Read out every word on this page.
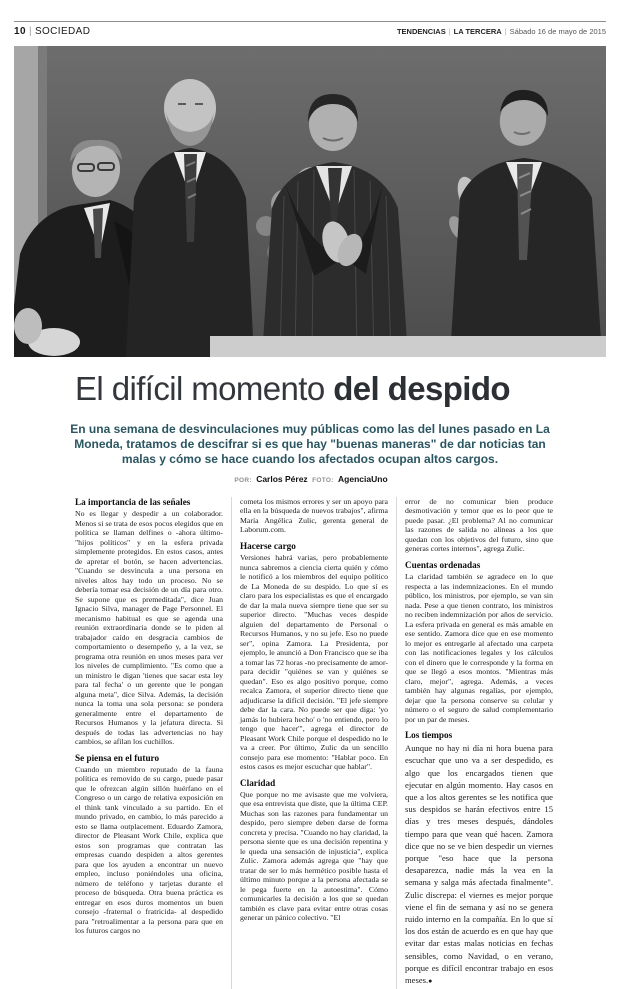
10 | SOCIEDAD	TENDENCIAS | LA TERCERA | Sábado 16 de mayo de 2015
El difícil momento del despido

En una semana de desvinculaciones muy públicas como las del lunes pasado en La Moneda, tratamos de descifrar si es que hay "buenas maneras" de dar noticias tan malas y cómo se hace cuando los afectados ocupan altos cargos.

POR: Carlos Pérez FOTO: AgenciaUno

La importancia de las señales

No es llegar y despedir a un colaborador. Menos si se trata de esos pocos elegidos que en política se llaman delfines o -ahora último- "hijos políticos" y en la esfera privada simplemente protegidos. En estos casos, antes de apretar el botón, se hacen advertencias. "Cuando se desvincula a una persona en niveles altos hay todo un proceso. No se debería tomar esa decisión de un día para otro. Se supone que es premeditada", dice Juan Ignacio Silva, manager de Page Personnel. El mecanismo habitual es que se agenda una reunión extraordinaria donde se le piden al trabajador caído en desgracia cambios de comportamiento o desempeño y, a la vez, se programa otra reunión en unos meses para ver los niveles de cumplimiento. "Es como que a un ministro le digan 'tienes que sacar esta ley para tal fecha' o un gerente que le pongan alguna meta", dice Silva. Además, la decisión nunca la toma una sola persona: se pondera generalmente entre el departamento de Recursos Humanos y la jefatura directa. Si después de todas las advertencias no hay cambios, se afilan los cuchillos.

Se piensa en el futuro

Cuando un miembro reputado de la fauna política es removido de su cargo, puede pasar que le ofrezcan algún sillón huérfano en el Congreso o un cargo de relativa exposición en el think tank vinculado a su partido. En el mundo privado, en cambio, lo más parecido a esto se llama outplacement. Eduardo Zamora, director de Pleasant Work Chile, explica que estos son programas que contratan las empresas cuando despiden a altos gerentes para que los ayuden a encontrar un nuevo empleo, incluso poniéndoles una oficina, número de teléfono y tarjetas durante el proceso de búsqueda. Otra buena práctica es entregar en esos duros momentos un buen consejo -fraternal o fratricida- al despedido para "retroalimentar a la persona para que en los futuros cargos no

cometa los mismos errores y ser un apoyo para ella en la búsqueda de nuevos trabajos", afirma María Angélica Zulic, gerenta general de Laborum.com.

Hacerse cargo

Versiones habrá varias, pero probablemente nunca sabremos a ciencia cierta quién y cómo le notificó a los miembros del equipo político de La Moneda de su despido. Lo que sí es claro para los especialistas es que el encargado de dar la mala nueva siempre tiene que ser su superior directo. "Muchas veces despide alguien del departamento de Personal o Recursos Humanos, y no su jefe. Eso no puede ser", opina Zamora. La Presidenta, por ejemplo, le anunció a Don Francisco que se iba a tomar las 72 horas -no precisamente de amor- para decidir "quiénes se van y quiénes se quedan". Eso es algo positivo porque, como recalca Zamora, el superior directo tiene que adjudicarse la difícil decisión. "El jefe siempre debe dar la cara. No puede ser que diga: 'yo jamás lo hubiera hecho' o 'no entiendo, pero lo tengo que hacer'", agrega el director de Pleasant Work Chile porque el despedido no le va a creer. Por último, Zulic da un sencillo consejo para ese momento: "Hablar poco. En estos casos es mejor escuchar que hablar".

Claridad

Que porque no me avisaste que me volviera, que esa entrevista que diste, que la última CEP. Muchas son las razones para fundamentar un despido, pero siempre deben darse de forma concreta y precisa. "Cuando no hay claridad, la persona siente que es una decisión repentina y le queda una sensación de injusticia", explica Zulic. Zamora además agrega que "hay que tratar de ser lo más hermético posible hasta el último minuto porque a la persona afectada se le pega fuerte en la autoestima". Cómo comunicarles la decisión a los que se quedan también es clave para evitar entre otras cosas generar un pánico colectivo. "El

error de no comunicar bien produce desmotivación y temor que es lo peor que te puede pasar. ¿El problema? Al no comunicar las razones de salida no alineas a los que quedan con los objetivos del futuro, sino que generas cortes internos", agrega Zulic.

Cuentas ordenadas

La claridad también se agradece en lo que respecta a las indemnizaciones. En el mundo público, los ministros, por ejemplo, se van sin nada. Pese a que tienen contrato, los ministros no reciben indemnización por años de servicio. La esfera privada en general es más amable en ese sentido. Zamora dice que en ese momento lo mejor es entregarle al afectado una carpeta con las notificaciones legales y los cálculos con el dinero que le corresponde y la forma en que se llegó a esos montos. "Mientras más claro, mejor", agrega. Además, a veces también hay algunas regalías, por ejemplo, dejar que la persona conserve su celular y número o el seguro de salud complementario por un par de meses.

Los tiempos

Aunque no hay ni día ni hora buena para escuchar que uno va a ser despedido, es algo que los encargados tienen que ejecutar en algún momento. Hay casos en que a los altos gerentes se les notifica que sus despidos se harán efectivos entre 15 días y tres meses después, dándoles tiempo para que vean qué hacen. Zamora dice que no se ve bien despedir un viernes porque "eso hace que la persona desaparezca, nadie más la vea en la semana y salga más afectada finalmente". Zulic discrepa: el viernes es mejor porque viene el fin de semana y así no se genera ruido interno en la compañía. En lo que sí los dos están de acuerdo es en que hay que evitar dar estas malas noticias en fechas sensibles, como Navidad, o en verano, porque es difícil encontrar trabajo en esos meses.●
